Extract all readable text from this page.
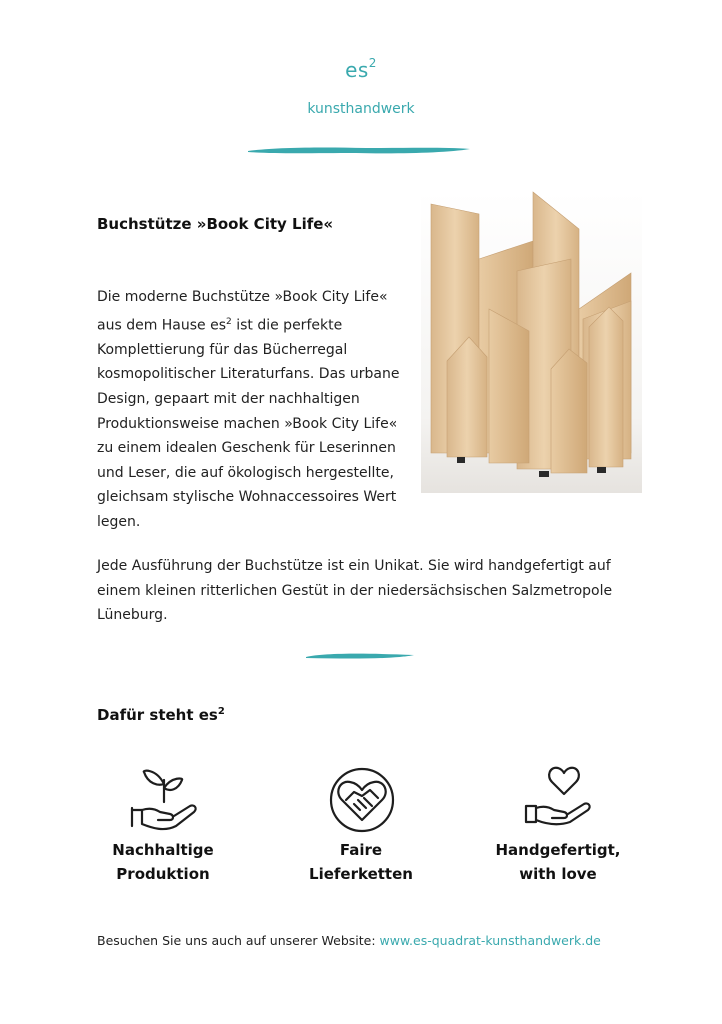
$es^2$
kunsthandwerk
Buchstütze »Book City Life«
Die moderne Buchstütze »Book City Life«
aus dem Hause $es^2$ ist die perfekte
Komplettierung für das Bücherregal
kosmopolitischer Literaturfans. Das urbane
Design, gepaart mit der nachhaltigen
Produktionsweise machen »Book City Life«
zu einem idealen Geschenk für Leserinnen
und Leser, die auf ökologisch hergestellte,
gleichsam stylische Wohnaccessoires Wert
legen.
Jede Ausführung der Buchstütze ist ein Unikat. Sie wird handgefertigt auf
einem kleinen ritterlichen Gestüt in der niedersächsischen Salzmetropole
Lüneburg.
Dafür steht $es^2$
Nachhaltige
Produktion
Faire
Lieferketten
Handgefertigt,
with love
Besuchen Sie uns auch auf unserer Website: www.es-quadrat-kunsthandwerk.de
